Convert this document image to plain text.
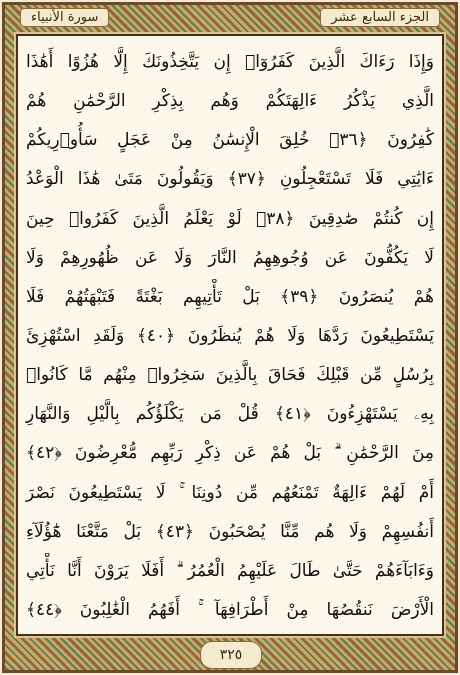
الجزء السابع عشر
سورة الأنبياء
وَإِذَا رَءَاكَ الَّذِينَ كَفَرُوٓا۟ إِن يَتَّخِذُونَكَ إِلَّا هُزُوًا أَهَٰذَا
الَّذِي يَذْكُرُ ءَالِهَتَكُمْ وَهُم بِذِكْرِ الرَّحْمَٰنِ هُمْ
كَٰفِرُونَ ﴿٣٦﴾ خُلِقَ الْإِنسَٰنُ مِنْ عَجَلٍ سَأُو۟رِيكُمْ
ءَايَٰتِي فَلَا تَسْتَعْجِلُونِ ﴿٣٧﴾ وَيَقُولُونَ مَتَىٰ هَٰذَا الْوَعْدُ
إِن كُنتُمْ صَٰدِقِينَ ﴿٣٨﴾ لَوْ يَعْلَمُ الَّذِينَ كَفَرُوا۟ حِينَ
لَا يَكُفُّونَ عَن وُجُوهِهِمُ النَّارَ وَلَا عَن ظُهُورِهِمْ وَلَا
هُمْ يُنصَرُونَ ﴿٣٩﴾ بَلْ تَأْتِيهِم بَغْتَةً فَتَبْهَتُهُمْ فَلَا
يَسْتَطِيعُونَ رَدَّهَا وَلَا هُمْ يُنظَرُونَ ﴿٤٠﴾ وَلَقَدِ اسْتُهْزِئَ
بِرُسُلٍ مِّن قَبْلِكَ فَحَاقَ بِالَّذِينَ سَخِرُوا۟ مِنْهُم مَّا كَانُوا۟
بِهِۦ يَسْتَهْزِءُونَ ﴿٤١﴾ قُلْ مَن يَكْلَؤُكُم بِالَّيْلِ وَالنَّهَارِ
مِنَ الرَّحْمَٰنِ ۗ بَلْ هُمْ عَن ذِكْرِ رَبِّهِم مُّعْرِضُونَ ﴿٤٢﴾
أَمْ لَهُمْ ءَالِهَةٌ تَمْنَعُهُم مِّن دُونِنَا ۚ لَا يَسْتَطِيعُونَ نَصْرَ
أَنفُسِهِمْ وَلَا هُم مِّنَّا يُصْحَبُونَ ﴿٤٣﴾ بَلْ مَتَّعْنَا هَٰٓؤُلَآءِ
وَءَابَآءَهُمْ حَتَّىٰ طَالَ عَلَيْهِمُ الْعُمُرُ ۗ أَفَلَا يَرَوْنَ أَنَّا نَأْتِي
الْأَرْضَ نَنقُصُهَا مِنْ أَطْرَافِهَآ ۚ أَفَهُمُ الْغَٰلِبُونَ ﴿٤٤﴾
٣٢٥
